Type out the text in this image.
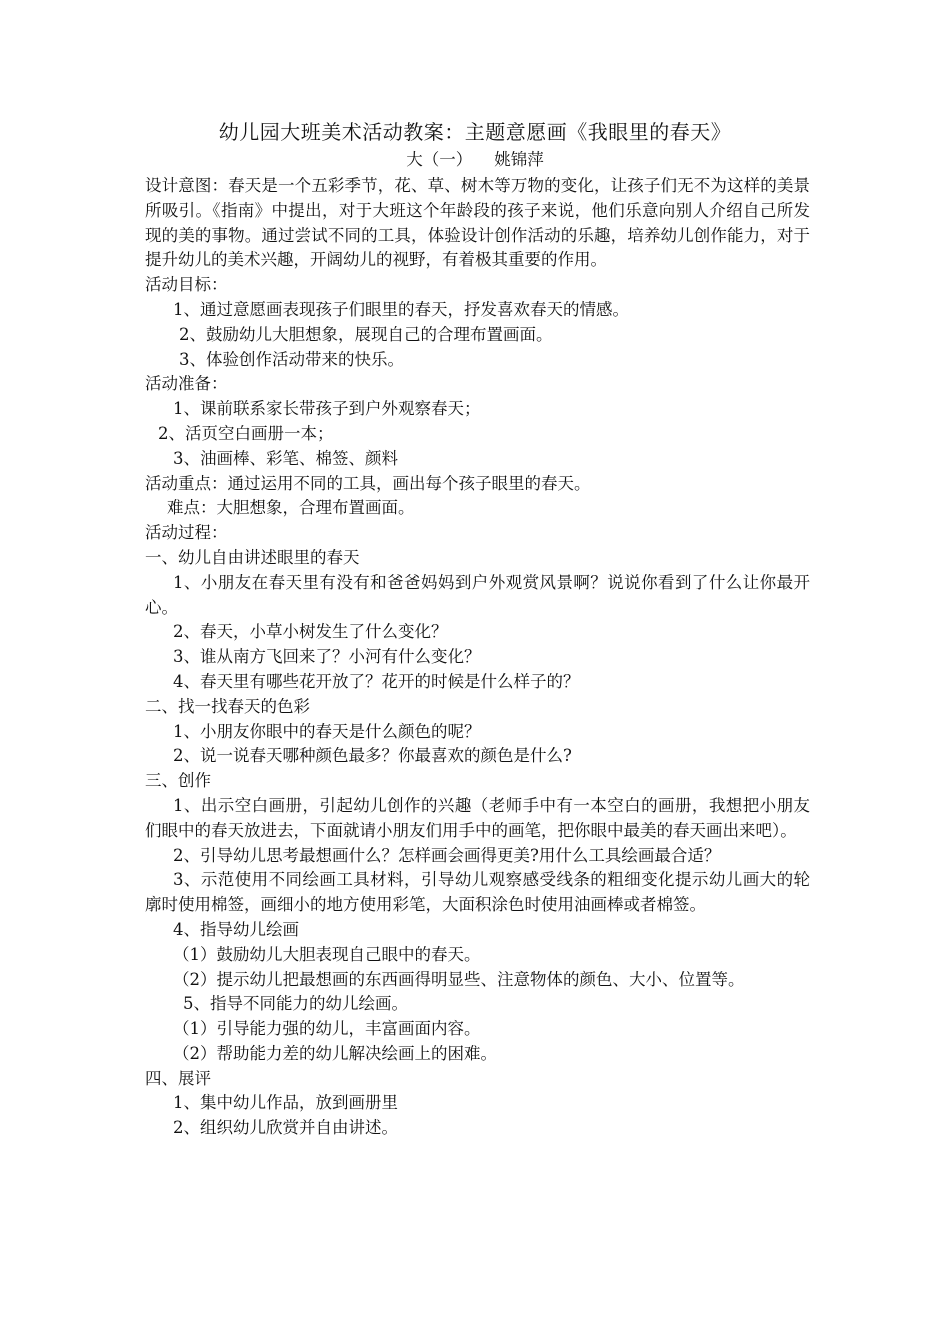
幼儿园大班美术活动教案：主题意愿画《我眼里的春天》
大（一） 姚锦萍

设计意图：春天是一个五彩季节，花、草、树木等万物的变化，让孩子们无不为这样的美景所吸引。《指南》中提出，对于大班这个年龄段的孩子来说，他们乐意向别人介绍自己所发现的美的事物。通过尝试不同的工具，体验设计创作活动的乐趣，培养幼儿创作能力，对于提升幼儿的美术兴趣，开阔幼儿的视野，有着极其重要的作用。

活动目标：

1、通过意愿画表现孩子们眼里的春天，抒发喜欢春天的情感。

2、鼓励幼儿大胆想象，展现自己的合理布置画面。

3、体验创作活动带来的快乐。

活动准备：

1、课前联系家长带孩子到户外观察春天；

2、活页空白画册一本；

3、油画棒、彩笔、棉签、颜料

活动重点：通过运用不同的工具，画出每个孩子眼里的春天。

难点：大胆想象，合理布置画面。

活动过程：

一、幼儿自由讲述眼里的春天

1、小朋友在春天里有没有和爸爸妈妈到户外观赏风景啊？说说你看到了什么让你最开心。

2、春天，小草小树发生了什么变化？

3、谁从南方飞回来了？小河有什么变化？

4、春天里有哪些花开放了？花开的时候是什么样子的？

二、找一找春天的色彩

1、小朋友你眼中的春天是什么颜色的呢？

2、说一说春天哪种颜色最多？你最喜欢的颜色是什么?

三、创作

1、出示空白画册，引起幼儿创作的兴趣（老师手中有一本空白的画册，我想把小朋友们眼中的春天放进去，下面就请小朋友们用手中的画笔，把你眼中最美的春天画出来吧）。

2、引导幼儿思考最想画什么？怎样画会画得更美?用什么工具绘画最合适？

3、示范使用不同绘画工具材料，引导幼儿观察感受线条的粗细变化提示幼儿画大的轮廓时使用棉签，画细小的地方使用彩笔，大面积涂色时使用油画棒或者棉签。

4、指导幼儿绘画

（1）鼓励幼儿大胆表现自己眼中的春天。

（2）提示幼儿把最想画的东西画得明显些、注意物体的颜色、大小、位置等。

5、指导不同能力的幼儿绘画。

（1）引导能力强的幼儿，丰富画面内容。

（2）帮助能力差的幼儿解决绘画上的困难。

四、展评

1、集中幼儿作品，放到画册里

2、组织幼儿欣赏并自由讲述。
